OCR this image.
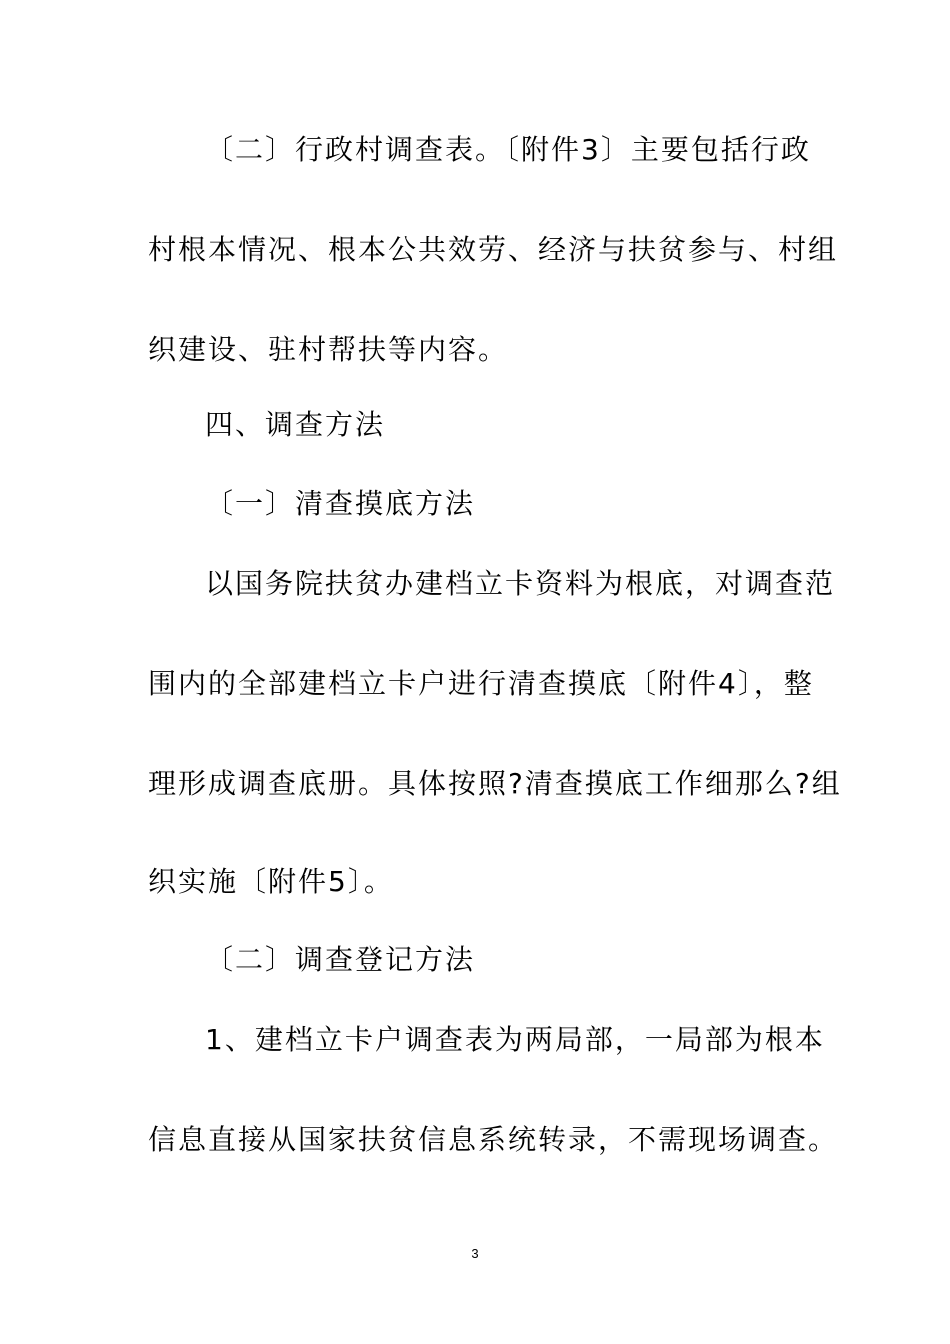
〔二〕行政村调查表。〔附件3〕主要包括行政
村根本情况、根本公共效劳、经济与扶贫参与、村组
织建设、驻村帮扶等内容。
四、调查方法
〔一〕清查摸底方法
以国务院扶贫办建档立卡资料为根底，对调查范
围内的全部建档立卡户进行清查摸底〔附件4〕，整
理形成调查底册。具体按照?清查摸底工作细那么?组
织实施〔附件5〕。
〔二〕调查登记方法
1、建档立卡户调查表为两局部，一局部为根本
信息直接从国家扶贫信息系统转录，不需现场调查。
3
